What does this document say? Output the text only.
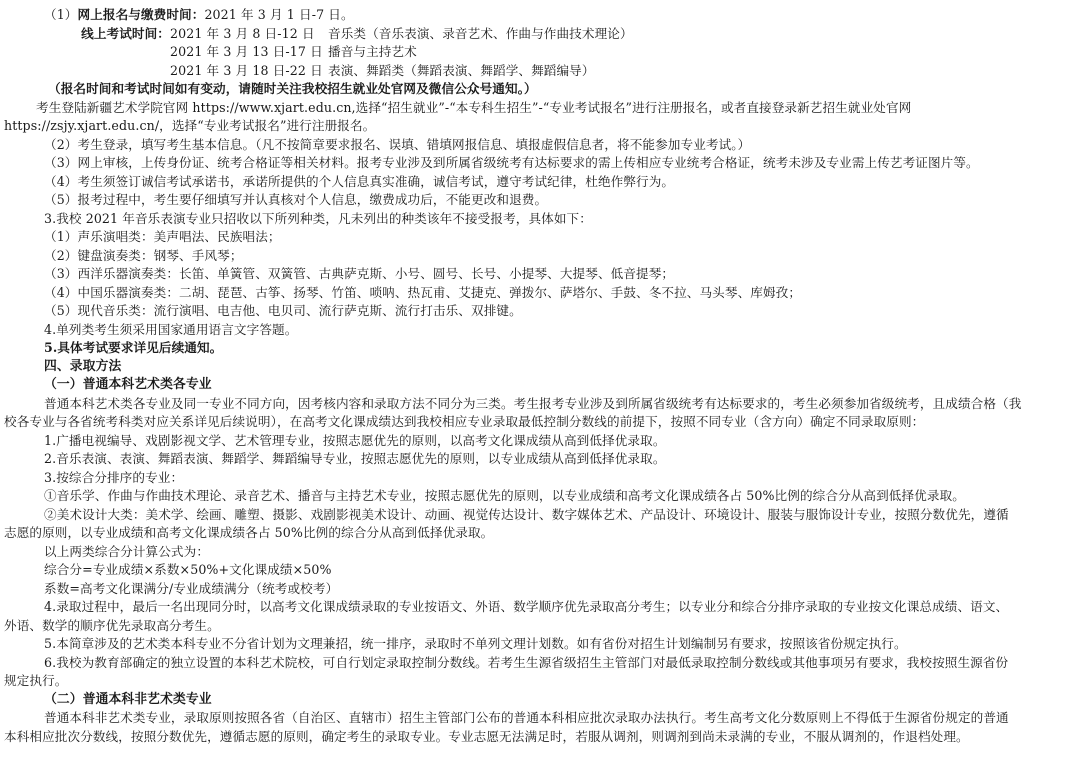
（1）网上报名与缴费时间：2021 年 3 月 1 日-7 日。
线上考试时间： 2021 年 3 月 8 日-12 日	音乐类（音乐表演、录音艺术、作曲与作曲技术理论）
2021 年 3 月 13 日-17 日 播音与主持艺术
2021 年 3 月 18 日-22 日 表演、舞蹈类（舞蹈表演、舞蹈学、舞蹈编导）
（报名时间和考试时间如有变动，请随时关注我校招生就业处官网及微信公众号通知。）
考生登陆新疆艺术学院官网 https://www.xjart.edu.cn,选择“招生就业”-“本专科生招生”-“专业考试报名”进行注册报名，或者直接登录新艺招生就业处官网
https://zsjy.xjart.edu.cn/，选择“专业考试报名”进行注册报名。
（2）考生登录，填写考生基本信息。（凡不按简章要求报名、误填、错填网报信息、填报虚假信息者，将不能参加专业考试。）
（3）网上审核，上传身份证、统考合格证等相关材料。报考专业涉及到所属省级统考有达标要求的需上传相应专业统考合格证，统考未涉及专业需上传艺考证图片等。
（4）考生须签订诚信考试承诺书，承诺所提供的个人信息真实准确，诚信考试，遵守考试纪律，杜绝作弊行为。
（5）报考过程中，考生要仔细填写并认真核对个人信息，缴费成功后，不能更改和退费。
3.我校 2021 年音乐表演专业只招收以下所列种类，凡未列出的种类该年不接受报考，具体如下：
（1）声乐演唱类：美声唱法、民族唱法；
（2）键盘演奏类：钢琴、手风琴；
（3）西洋乐器演奏类：长笛、单簧管、双簧管、古典萨克斯、小号、圆号、长号、小提琴、大提琴、低音提琴；
（4）中国乐器演奏类：二胡、琵琶、古筝、扬琴、竹笛、唢呐、热瓦甫、艾捷克、弹拨尔、萨塔尔、手鼓、冬不拉、马头琴、库姆孜；
（5）现代音乐类：流行演唱、电吉他、电贝司、流行萨克斯、流行打击乐、双排键。
4.单列类考生须采用国家通用语言文字答题。
5.具体考试要求详见后续通知。
四、录取方法
（一）普通本科艺术类各专业
普通本科艺术类各专业及同一专业不同方向，因考核内容和录取方法不同分为三类。考生报考专业涉及到所属省级统考有达标要求的，考生必须参加省级统考，且成绩合格（我
校各专业与各省统考科类对应关系详见后续说明），在高考文化课成绩达到我校相应专业录取最低控制分数线的前提下，按照不同专业（含方向）确定不同录取原则：
1.广播电视编导、戏剧影视文学、艺术管理专业，按照志愿优先的原则，以高考文化课成绩从高到低择优录取。
2.音乐表演、表演、舞蹈表演、舞蹈学、舞蹈编导专业，按照志愿优先的原则，以专业成绩从高到低择优录取。
3.按综合分排序的专业：
①音乐学、作曲与作曲技术理论、录音艺术、播音与主持艺术专业，按照志愿优先的原则，以专业成绩和高考文化课成绩各占 50%比例的综合分从高到低择优录取。
②美术设计大类：美术学、绘画、雕塑、摄影、戏剧影视美术设计、动画、视觉传达设计、数字媒体艺术、产品设计、环境设计、服装与服饰设计专业，按照分数优先，遵循
志愿的原则，以专业成绩和高考文化课成绩各占 50%比例的综合分从高到低择优录取。
以上两类综合分计算公式为：
综合分=专业成绩×系数×50%+文化课成绩×50%
系数=高考文化课满分/专业成绩满分（统考或校考）
4.录取过程中，最后一名出现同分时，以高考文化课成绩录取的专业按语文、外语、数学顺序优先录取高分考生；以专业分和综合分排序录取的专业按文化课总成绩、语文、
外语、数学的顺序优先录取高分考生。
5.本简章涉及的艺术类本科专业不分省计划为文理兼招，统一排序，录取时不单列文理计划数。如有省份对招生计划编制另有要求，按照该省份规定执行。
6.我校为教育部确定的独立设置的本科艺术院校，可自行划定录取控制分数线。若考生生源省级招生主管部门对最低录取控制分数线或其他事项另有要求，我校按照生源省份
规定执行。
（二）普通本科非艺术类专业
普通本科非艺术类专业，录取原则按照各省（自治区、直辖市）招生主管部门公布的普通本科相应批次录取办法执行。考生高考文化分数原则上不得低于生源省份规定的普通
本科相应批次分数线，按照分数优先，遵循志愿的原则，确定考生的录取专业。专业志愿无法满足时，若服从调剂，则调剂到尚未录满的专业，不服从调剂的，作退档处理。
